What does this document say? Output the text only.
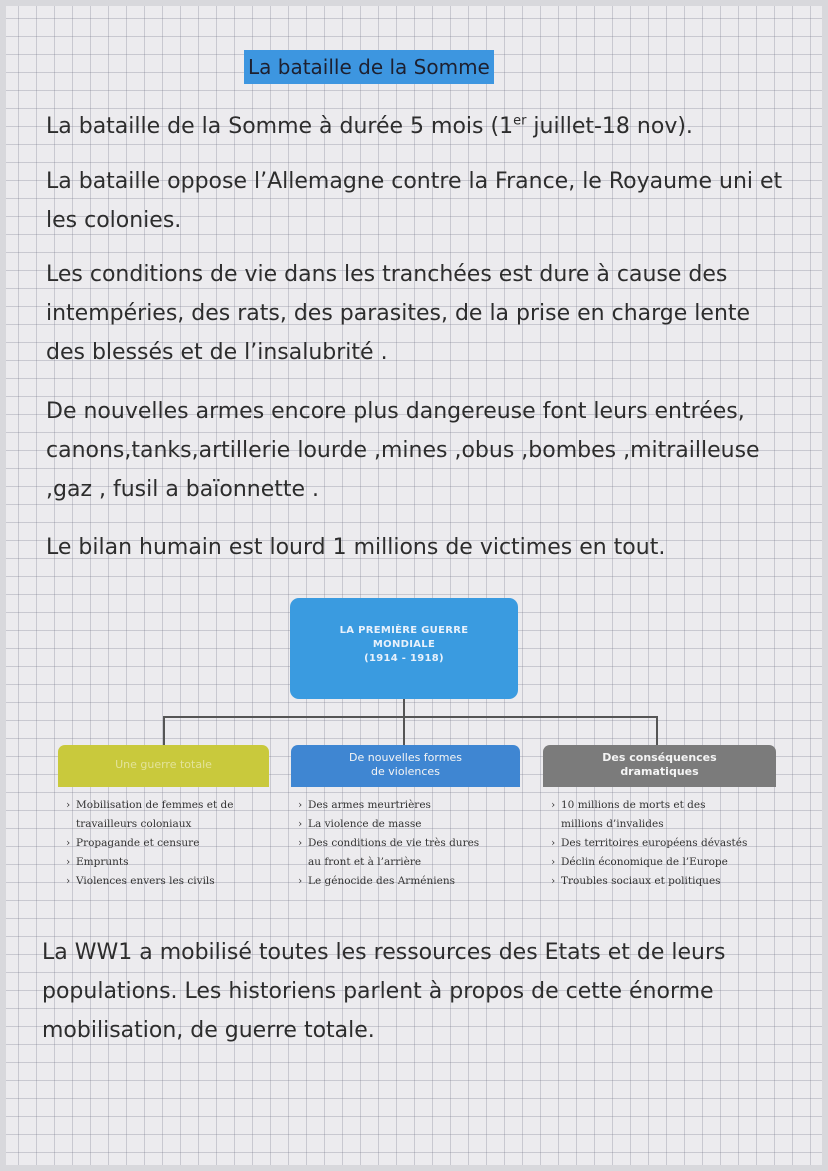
La bataille de la Somme
La bataille de la Somme à durée 5 mois (1er juillet-18 nov).
La bataille oppose l’Allemagne contre la France, le Royaume uni et les colonies.
Les conditions de vie dans les tranchées est dure à cause des intempéries, des rats, des parasites, de la prise en charge lente des blessés et de l’insalubrité .
De nouvelles armes encore plus dangereuse font leurs entrées, canons,tanks,artillerie lourde ,mines ,obus ,bombes ,mitrailleuse ,gaz , fusil a baïonnette .
Le bilan humain est lourd 1 millions de victimes en tout.
LA PREMIÈRE GUERRE
MONDIALE
(1914 - 1918)
Une guerre totale
De nouvelles formes
de violences
Des conséquences
dramatiques
› Mobilisation de femmes et de
travailleurs coloniaux
› Propagande et censure
› Emprunts
› Violences envers les civils
› Des armes meurtrières
› La violence de masse
› Des conditions de vie très dures
au front et à l’arrière
› Le génocide des Arméniens
› 10 millions de morts et des
millions d’invalides
› Des territoires européens dévastés
› Déclin économique de l’Europe
› Troubles sociaux et politiques
La WW1 a mobilisé toutes les ressources des Etats et de leurs populations. Les historiens parlent à propos de cette énorme mobilisation, de guerre totale.
